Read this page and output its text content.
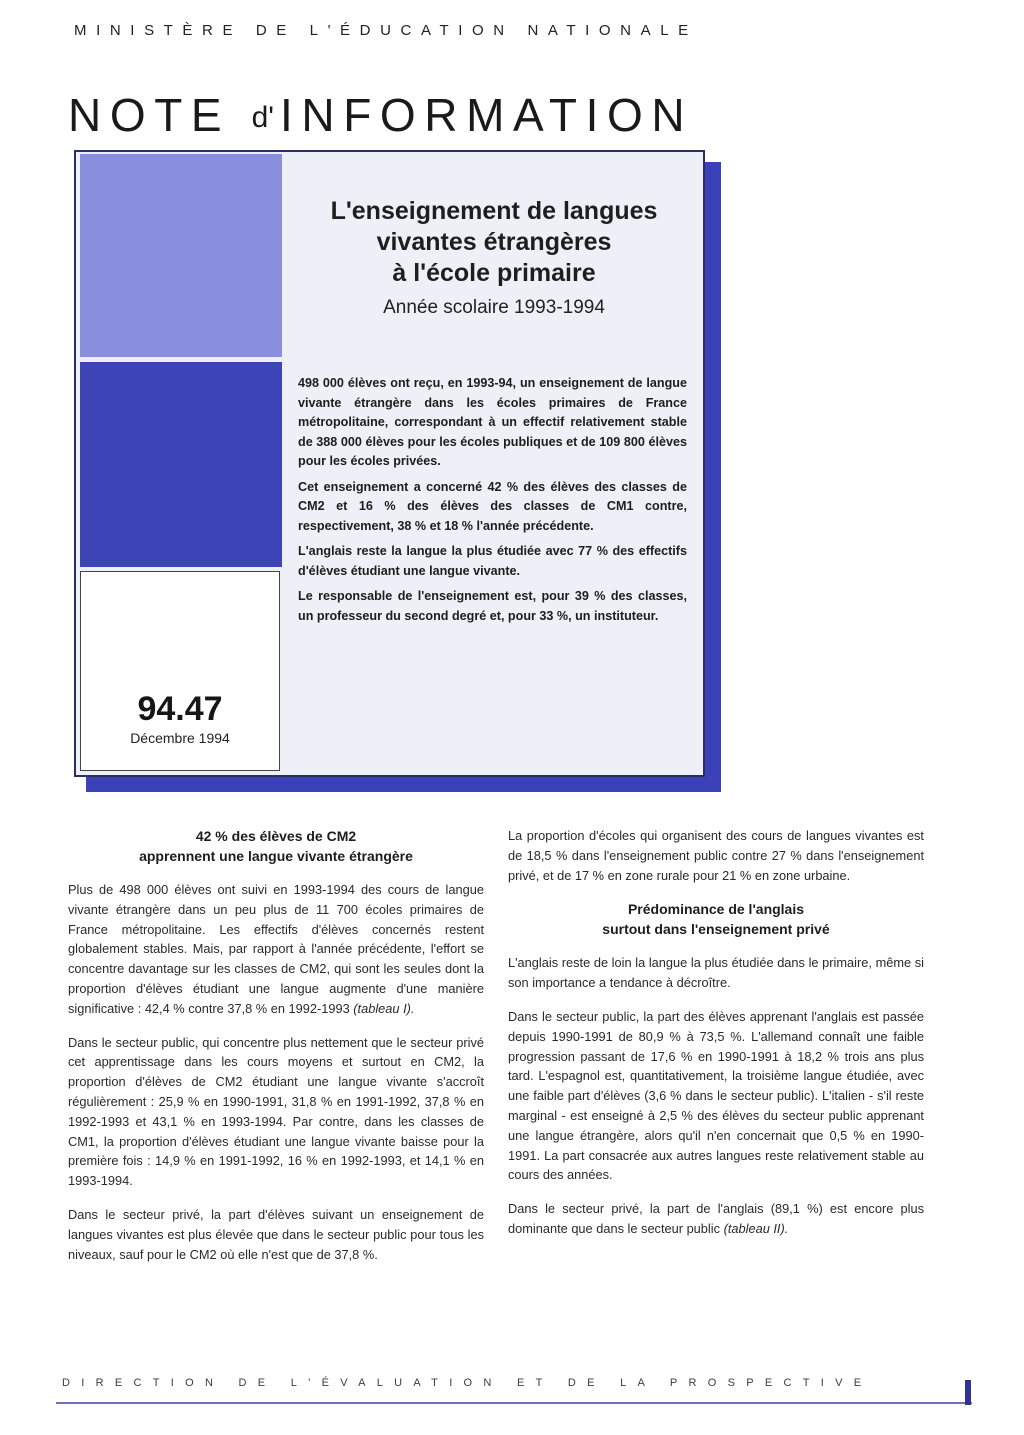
MINISTÈRE DE L'ÉDUCATION NATIONALE
NOTE d' INFORMATION
94.47
Décembre 1994
L'enseignement de langues
vivantes étrangères
à l'école primaire
Année scolaire 1993-1994

498 000 élèves ont reçu, en 1993-94, un enseignement de langue vivante étrangère dans les écoles primaires de France métropolitaine, correspondant à un effectif relativement stable de 388 000 élèves pour les écoles publiques et de 109 800 élèves pour les écoles privées.

Cet enseignement a concerné 42 % des élèves des classes de CM2 et 16 % des élèves des classes de CM1 contre, respectivement, 38 % et 18 % l'année précédente.

L'anglais reste la langue la plus étudiée avec 77 % des effectifs d'élèves étudiant une langue vivante.

Le responsable de l'enseignement est, pour 39 % des classes, un professeur du second degré et, pour 33 %, un instituteur.

42 % des élèves de CM2
apprennent une langue vivante étrangère

Plus de 498 000 élèves ont suivi en 1993-1994 des cours de langue vivante étrangère dans un peu plus de 11 700 écoles primaires de France métropolitaine. Les effectifs d'élèves concernés restent globalement stables. Mais, par rapport à l'année précédente, l'effort se concentre davantage sur les classes de CM2, qui sont les seules dont la proportion d'élèves étudiant une langue augmente d'une manière significative : 42,4 % contre 37,8 % en 1992-1993 (tableau I).

Dans le secteur public, qui concentre plus nettement que le secteur privé cet apprentissage dans les cours moyens et surtout en CM2, la proportion d'élèves de CM2 étudiant une langue vivante s'accroît régulièrement : 25,9 % en 1990-1991, 31,8 % en 1991-1992, 37,8 % en 1992-1993 et 43,1 % en 1993-1994. Par contre, dans les classes de CM1, la proportion d'élèves étudiant une langue vivante baisse pour la première fois : 14,9 % en 1991-1992, 16 % en 1992-1993, et 14,1 % en 1993-1994.

Dans le secteur privé, la part d'élèves suivant un enseignement de langues vivantes est plus élevée que dans le secteur public pour tous les niveaux, sauf pour le CM2 où elle n'est que de 37,8 %.

La proportion d'écoles qui organisent des cours de langues vivantes est de 18,5 % dans l'enseignement public contre 27 % dans l'enseignement privé, et de 17 % en zone rurale pour 21 % en zone urbaine.

Prédominance de l'anglais
surtout dans l'enseignement privé

L'anglais reste de loin la langue la plus étudiée dans le primaire, même si son importance a tendance à décroître.

Dans le secteur public, la part des élèves apprenant l'anglais est passée depuis 1990-1991 de 80,9 % à 73,5 %. L'allemand connaît une faible progression passant de 17,6 % en 1990-1991 à 18,2 % trois ans plus tard. L'espagnol est, quantitativement, la troisième langue étudiée, avec une faible part d'élèves (3,6 % dans le secteur public). L'italien - s'il reste marginal - est enseigné à 2,5 % des élèves du secteur public apprenant une langue étrangère, alors qu'il n'en concernait que 0,5 % en 1990-1991. La part consacrée aux autres langues reste relativement stable au cours des années.

Dans le secteur privé, la part de l'anglais (89,1 %) est encore plus dominante que dans le secteur public (tableau II).

DIRECTION DE L'ÉVALUATION ET DE LA PROSPECTIVE
